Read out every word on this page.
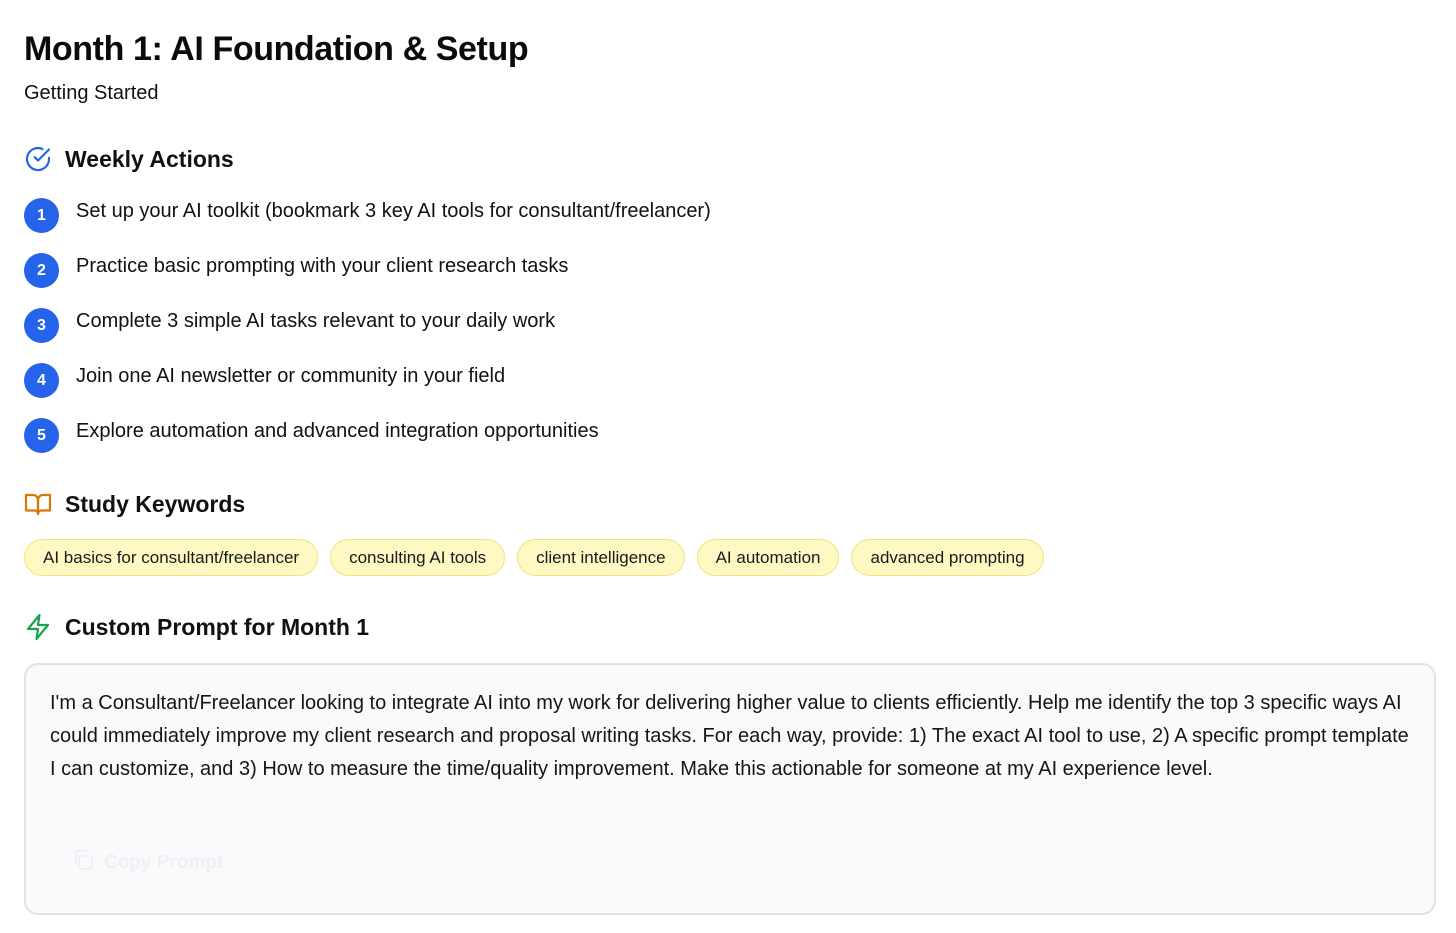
Month 1: AI Foundation & Setup
Getting Started
Weekly Actions
1	Set up your AI toolkit (bookmark 3 key AI tools for consultant/freelancer)
2	Practice basic prompting with your client research tasks
3	Complete 3 simple AI tasks relevant to your daily work
4	Join one AI newsletter or community in your field
5	Explore automation and advanced integration opportunities
Study Keywords
AI basics for consultant/freelancer	consulting AI tools	client intelligence	AI automation	advanced prompting
Custom Prompt for Month 1

I'm a Consultant/Freelancer looking to integrate AI into my work for delivering higher value to clients efficiently. Help me identify the top 3 specific ways AI could immediately improve my client research and proposal writing tasks. For each way, provide: 1) The exact AI tool to use, 2) A specific prompt template I can customize, and 3) How to measure the time/quality improvement. Make this actionable for someone at my AI experience level.

Copy Prompt
